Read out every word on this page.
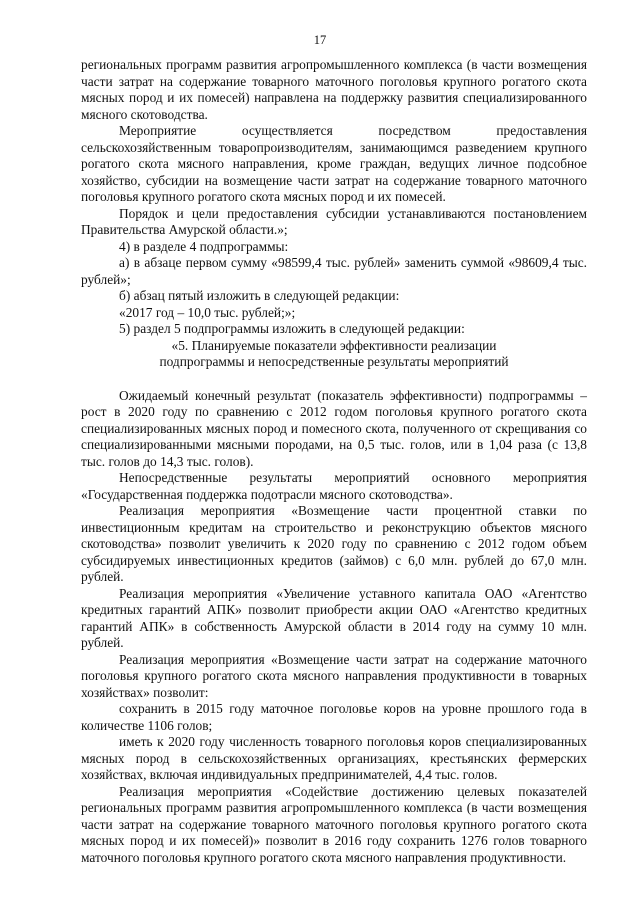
17

региональных программ развития агропромышленного комплекса (в части возмещения части затрат на содержание товарного маточного поголовья крупного рогатого скота мясных пород и их помесей) направлена на поддержку развития специализированного мясного скотоводства.

Мероприятие осуществляется посредством предоставления сельскохозяйственным товаропроизводителям, занимающимся разведением крупного рогатого скота мясного направления, кроме граждан, ведущих личное подсобное хозяйство, субсидии на возмещение части затрат на содержание товарного маточного поголовья крупного рогатого скота мясных пород и их помесей.

Порядок и цели предоставления субсидии устанавливаются постановлением Правительства Амурской области.»;

4) в разделе 4 подпрограммы:

а) в абзаце первом сумму «98599,4 тыс. рублей» заменить суммой «98609,4 тыс. рублей»;

б) абзац пятый изложить в следующей редакции:

«2017 год – 10,0 тыс. рублей;»;

5) раздел 5 подпрограммы изложить в следующей редакции:

«5. Планируемые показатели эффективности реализации

подпрограммы и непосредственные результаты мероприятий

Ожидаемый конечный результат (показатель эффективности) подпрограммы – рост в 2020 году по сравнению с 2012 годом поголовья крупного рогатого скота специализированных мясных пород и помесного скота, полученного от скрещивания со специализированными мясными породами, на 0,5 тыс. голов, или в 1,04 раза (с 13,8 тыс. голов до 14,3 тыс. голов).

Непосредственные результаты мероприятий основного мероприятия «Государственная поддержка подотрасли мясного скотоводства».

Реализация мероприятия «Возмещение части процентной ставки по инвестиционным кредитам на строительство и реконструкцию объектов мясного скотоводства» позволит увеличить к 2020 году по сравнению с 2012 годом объем субсидируемых инвестиционных кредитов (займов) с 6,0 млн. рублей до 67,0 млн. рублей.

Реализация мероприятия «Увеличение уставного капитала ОАО «Агентство кредитных гарантий АПК» позволит приобрести акции ОАО «Агентство кредитных гарантий АПК» в собственность Амурской области в 2014 году на сумму 10 млн. рублей.

Реализация мероприятия «Возмещение части затрат на содержание маточного поголовья крупного рогатого скота мясного направления продуктивности в товарных хозяйствах» позволит:

сохранить в 2015 году маточное поголовье коров на уровне прошлого года в количестве 1106 голов;

иметь к 2020 году численность товарного поголовья коров специализированных мясных пород в сельскохозяйственных организациях, крестьянских фермерских хозяйствах, включая индивидуальных предпринимателей, 4,4 тыс. голов.

Реализация мероприятия «Содействие достижению целевых показателей региональных программ развития агропромышленного комплекса (в части возмещения части затрат на содержание товарного маточного поголовья крупного рогатого скота мясных пород и их помесей)» позволит в 2016 году сохранить 1276 голов товарного маточного поголовья крупного рогатого скота мясного направления продуктивности.
